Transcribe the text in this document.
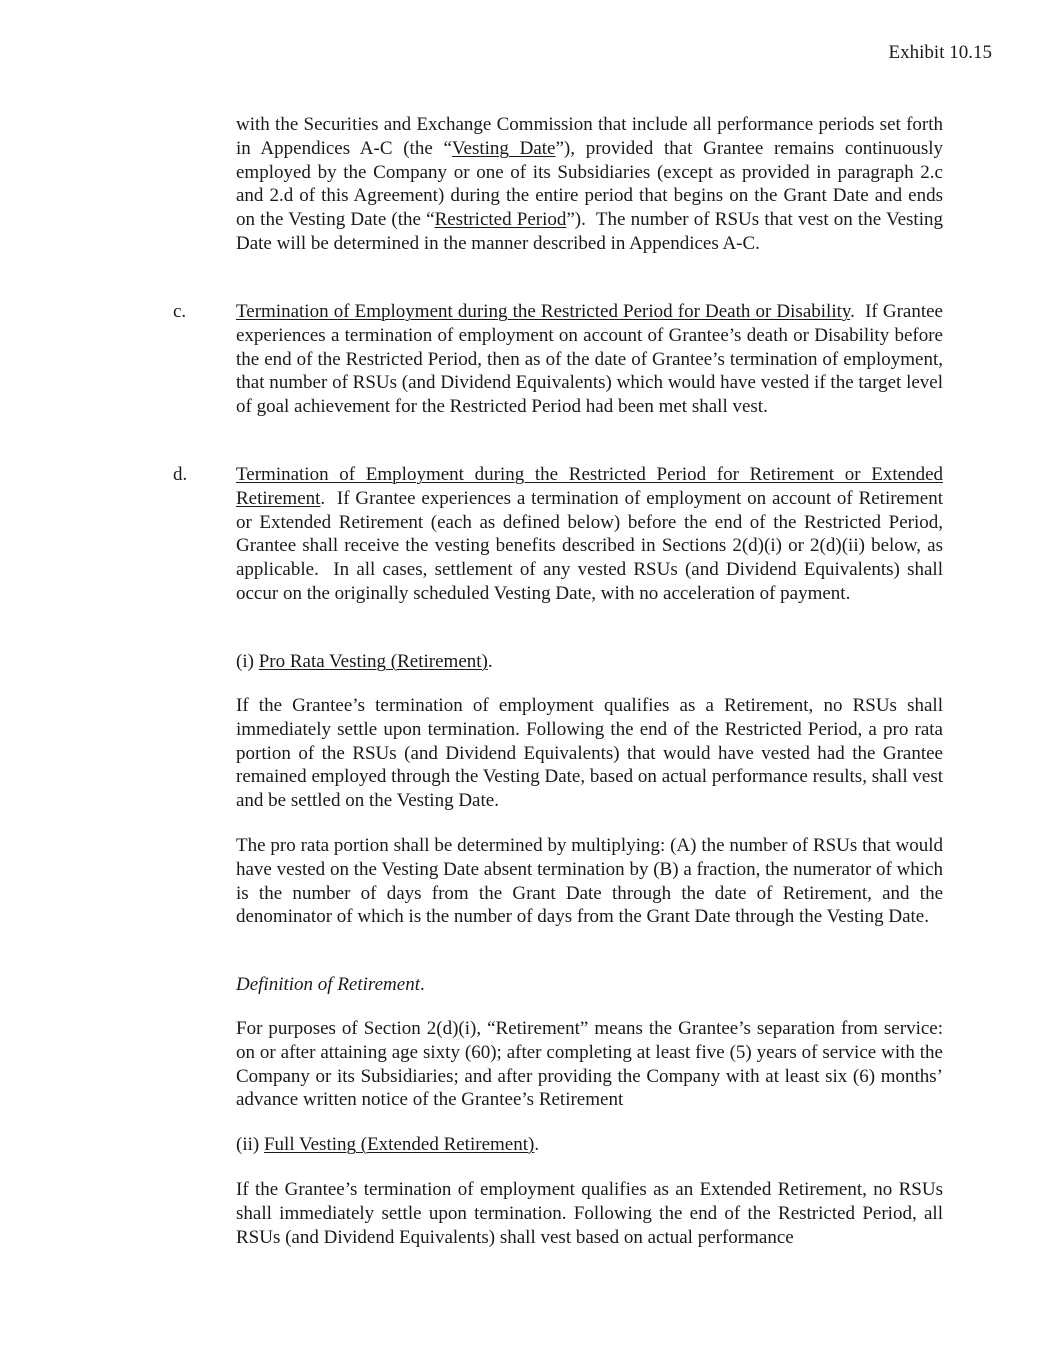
Exhibit 10.15

with the Securities and Exchange Commission that include all performance periods set forth in Appendices A-C (the “Vesting Date”), provided that Grantee remains continuously employed by the Company or one of its Subsidiaries (except as provided in paragraph 2.c and 2.d of this Agreement) during the entire period that begins on the Grant Date and ends on the Vesting Date (the “Restricted Period”).  The number of RSUs that vest on the Vesting Date will be determined in the manner described in Appendices A-C.

c.	Termination of Employment during the Restricted Period for Death or Disability.  If Grantee experiences a termination of employment on account of Grantee’s death or Disability before the end of the Restricted Period, then as of the date of Grantee’s termination of employment, that number of RSUs (and Dividend Equivalents) which would have vested if the target level of goal achievement for the Restricted Period had been met shall vest.

d.	Termination of Employment during the Restricted Period for Retirement or Extended Retirement.  If Grantee experiences a termination of employment on account of Retirement or Extended Retirement (each as defined below) before the end of the Restricted Period, Grantee shall receive the vesting benefits described in Sections 2(d)(i) or 2(d)(ii) below, as applicable.  In all cases, settlement of any vested RSUs (and Dividend Equivalents) shall occur on the originally scheduled Vesting Date, with no acceleration of payment.

(i) Pro Rata Vesting (Retirement).

If the Grantee’s termination of employment qualifies as a Retirement, no RSUs shall immediately settle upon termination. Following the end of the Restricted Period, a pro rata portion of the RSUs (and Dividend Equivalents) that would have vested had the Grantee remained employed through the Vesting Date, based on actual performance results, shall vest and be settled on the Vesting Date.

The pro rata portion shall be determined by multiplying: (A) the number of RSUs that would have vested on the Vesting Date absent termination by (B) a fraction, the numerator of which is the number of days from the Grant Date through the date of Retirement, and the denominator of which is the number of days from the Grant Date through the Vesting Date.

Definition of Retirement.

For purposes of Section 2(d)(i), “Retirement” means the Grantee’s separation from service: on or after attaining age sixty (60); after completing at least five (5) years of service with the Company or its Subsidiaries; and after providing the Company with at least six (6) months’ advance written notice of the Grantee’s Retirement

(ii) Full Vesting (Extended Retirement).

If the Grantee’s termination of employment qualifies as an Extended Retirement, no RSUs shall immediately settle upon termination. Following the end of the Restricted Period, all RSUs (and Dividend Equivalents) shall vest based on actual performance
